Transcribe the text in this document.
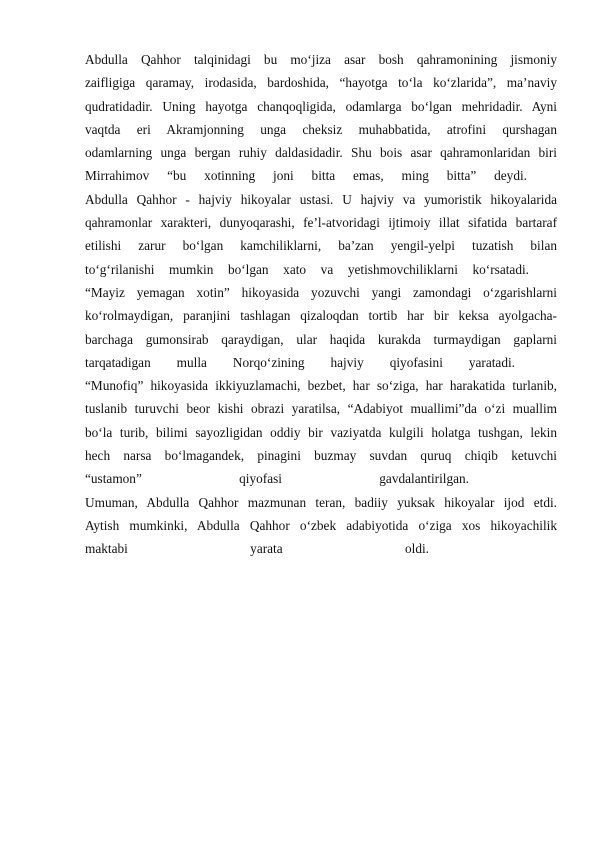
Abdulla Qahhor talqinidagi bu mo‘jiza asar bosh qahramonining jismoniy
zaifligiga qaramay, irodasida, bardoshida, “hayotga to‘la ko‘zlarida”, ma’naviy
qudratidadir. Uning hayotga chanqoqligida, odamlarga bo‘lgan mehridadir. Ayni
vaqtda eri Akramjonning unga cheksiz muhabbatida, atrofini qurshagan
odamlarning unga bergan ruhiy daldasidadir. Shu bois asar qahramonlaridan biri
Mirrahimov “bu xotinning joni bitta emas, ming bitta” deydi.
Abdulla Qahhor - hajviy hikoyalar ustasi. U hajviy va yumoristik hikoyalarida
qahramonlar xarakteri, dunyoqarashi, fe’l-atvoridagi ijtimoiy illat sifatida bartaraf
etilishi zarur bo‘lgan kamchiliklarni, ba’zan yengil-yelpi tuzatish bilan
to‘g‘rilanishi mumkin bo‘lgan xato va yetishmovchiliklarni ko‘rsatadi.
“Mayiz yemagan xotin” hikoyasida yozuvchi yangi zamondagi o‘zgarishlarni
ko‘rolmaydigan, paranjini tashlagan qizaloqdan tortib har bir keksa ayolgacha-
barchaga gumonsirab qaraydigan, ular haqida kurakda turmaydigan gaplarni
tarqatadigan mulla Norqo‘zining hajviy qiyofasini yaratadi.
“Munofiq” hikoyasida ikkiyuzlamachi, bezbet, har so‘ziga, har harakatida turlanib,
tuslanib turuvchi beor kishi obrazi yaratilsa, “Adabiyot muallimi”da o‘zi muallim
bo‘la turib, bilimi sayozligidan oddiy bir vaziyatda kulgili holatga tushgan, lekin
hech narsa bo‘lmagandek, pinagini buzmay suvdan quruq chiqib ketuvchi
“ustamon” qiyofasi gavdalantirilgan.
Umuman, Abdulla Qahhor mazmunan teran, badiiy yuksak hikoyalar ijod etdi.
Aytish mumkinki, Abdulla Qahhor o‘zbek adabiyotida o‘ziga xos hikoyachilik
maktabi yarata oldi.
